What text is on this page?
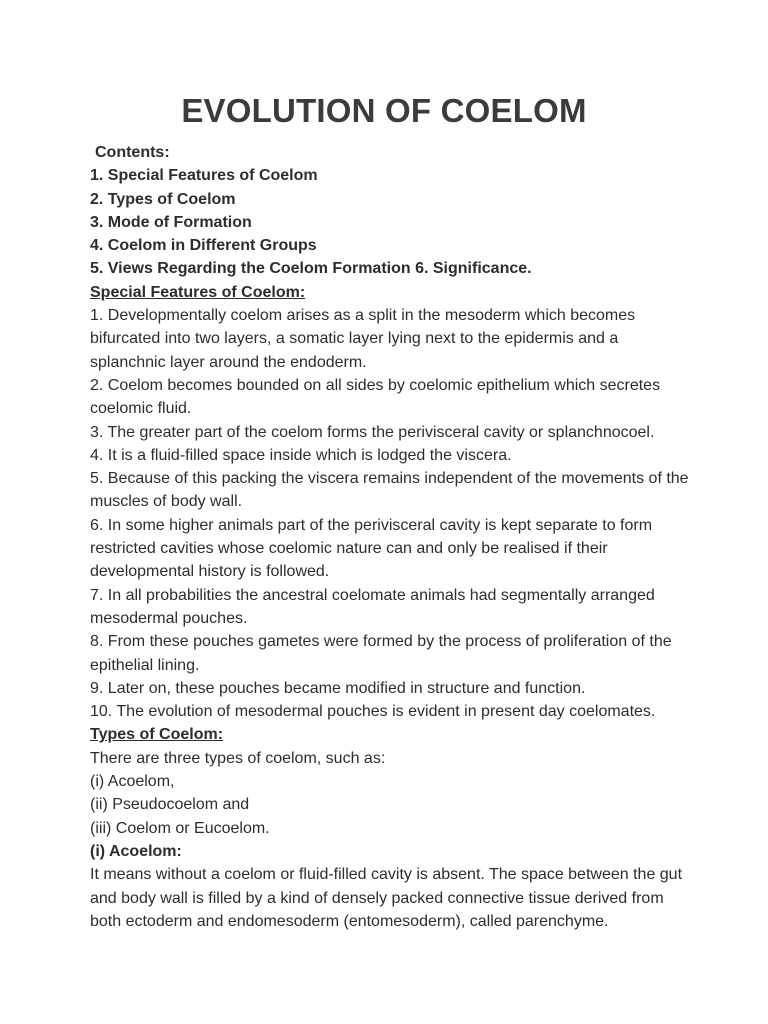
EVOLUTION OF COELOM

Contents:

1. Special Features of Coelom

2. Types of Coelom

3. Mode of Formation

4. Coelom in Different Groups

5. Views Regarding the Coelom Formation 6. Significance.

Special Features of Coelom:

1. Developmentally coelom arises as a split in the mesoderm which becomes bifurcated into two layers, a somatic layer lying next to the epidermis and a splanchnic layer around the endoderm.

2. Coelom becomes bounded on all sides by coelomic epithelium which secretes coelomic fluid.

3. The greater part of the coelom forms the perivisceral cavity or splanchnocoel.

4. It is a fluid-filled space inside which is lodged the viscera.

5. Because of this packing the viscera remains independent of the movements of the muscles of body wall.

6. In some higher animals part of the perivisceral cavity is kept separate to form restricted cavities whose coelomic nature can and only be realised if their developmental history is followed.

7. In all probabilities the ancestral coelomate animals had segmentally arranged mesodermal pouches.

8. From these pouches gametes were formed by the process of proliferation of the epithelial lining.

9. Later on, these pouches became modified in structure and function.

10. The evolution of mesodermal pouches is evident in present day coelomates.

Types of Coelom:

There are three types of coelom, such as:

(i) Acoelom,

(ii) Pseudocoelom and

(iii) Coelom or Eucoelom.

(i) Acoelom:

It means without a coelom or fluid-filled cavity is absent. The space between the gut and body wall is filled by a kind of densely packed connective tissue derived from both ectoderm and endomesoderm (entomesoderm), called parenchyme.
